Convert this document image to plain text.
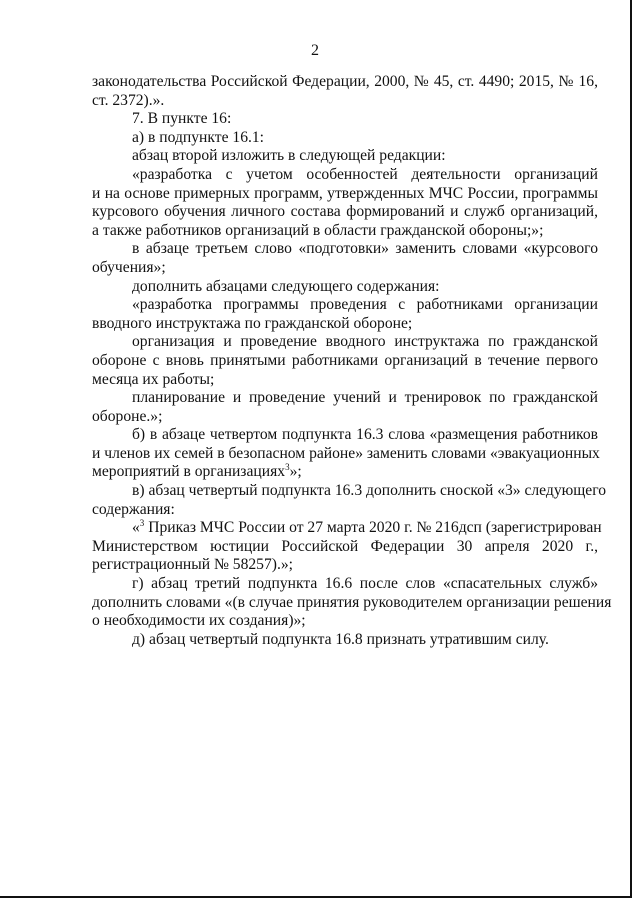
2
законодательства Российской Федерации, 2000, № 45, ст. 4490; 2015, № 16,
ст. 2372).».
7. В пункте 16:
а) в подпункте 16.1:
абзац второй изложить в следующей редакции:
«разработка с учетом особенностей деятельности организаций
и на основе примерных программ, утвержденных МЧС России, программы
курсового обучения личного состава формирований и служб организаций,
а также работников организаций в области гражданской обороны;»;
в абзаце третьем слово «подготовки» заменить словами «курсового
обучения»;
дополнить абзацами следующего содержания:
«разработка программы проведения с работниками организации
вводного инструктажа по гражданской обороне;
организация и проведение вводного инструктажа по гражданской
обороне с вновь принятыми работниками организаций в течение первого
месяца их работы;
планирование и проведение учений и тренировок по гражданской
обороне.»;
б) в абзаце четвертом подпункта 16.3 слова «размещения работников
и членов их семей в безопасном районе» заменить словами «эвакуационных
мероприятий в организациях$^3$»;
в) абзац четвертый подпункта 16.3 дополнить сноской «3» следующего
содержания:
«$^3$ Приказ МЧС России от 27 марта 2020 г. № 216дсп (зарегистрирован
Министерством юстиции Российской Федерации 30 апреля 2020 г.,
регистрационный № 58257).»;
г) абзац третий подпункта 16.6 после слов «спасательных служб»
дополнить словами «(в случае принятия руководителем организации решения
о необходимости их создания)»;
д) абзац четвертый подпункта 16.8 признать утратившим силу.
